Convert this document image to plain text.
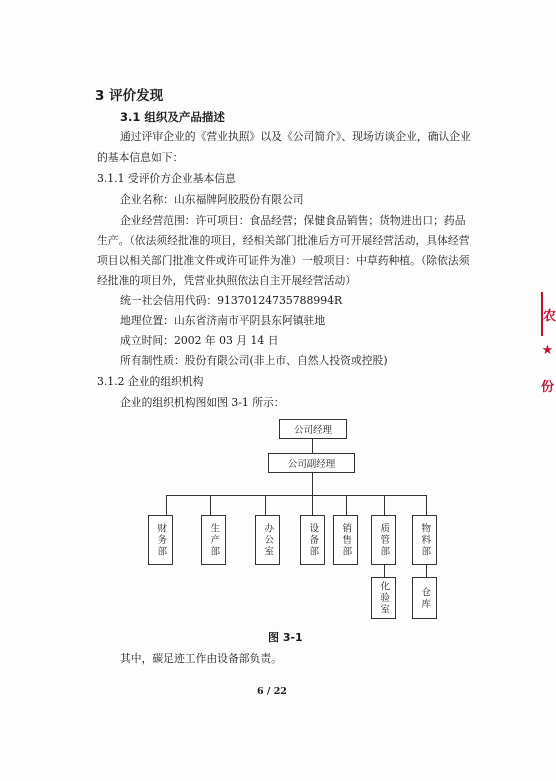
3 评价发现
3.1 组织及产品描述
通过评审企业的《营业执照》以及《公司简介》、现场访谈企业，确认企业
的基本信息如下：
3.1.1 受评价方企业基本信息
企业名称：山东福牌阿胶股份有限公司
企业经营范围：许可项目：食品经营；保健食品销售；货物进出口；药品
生产。（依法须经批准的项目，经相关部门批准后方可开展经营活动，具体经营
项目以相关部门批准文件或许可证件为准）一般项目：中草药种植。（除依法须
经批准的项目外，凭营业执照依法自主开展经营活动）
统一社会信用代码：91370124735788994R
地理位置：山东省济南市平阴县东阿镇驻地
成立时间：2002 年 03 月 14 日
所有制性质：股份有限公司(非上市、自然人投资或控股)
3.1.2 企业的组织机构
企业的组织机构图如图 3-1 所示：
公司经理
公司副经理
财务部	生产部	办公室	设备部 销售部	质管部	物料部
化验室	仓库
图 3-1
其中，碳足迹工作由设备部负责。
6 / 22
农
★
份
